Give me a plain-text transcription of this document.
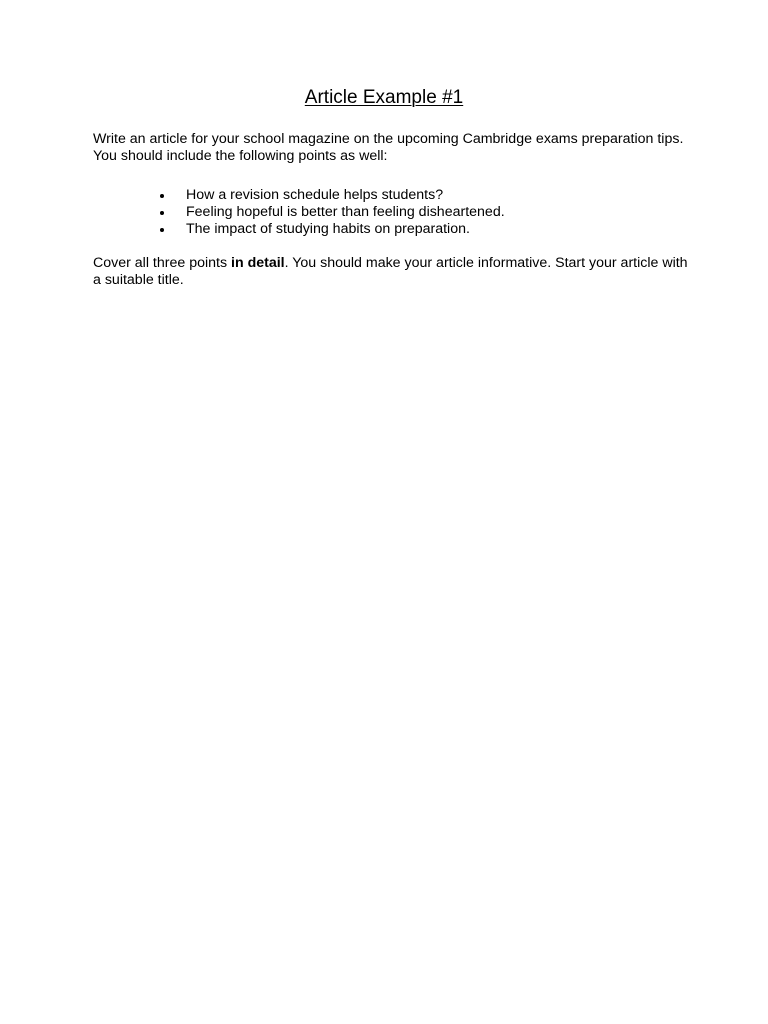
Article Example #1

Write an article for your school magazine on the upcoming Cambridge exams preparation tips. You should include the following points as well:

How a revision schedule helps students?
Feeling hopeful is better than feeling disheartened.
The impact of studying habits on preparation.

Cover all three points in detail. You should make your article informative. Start your article with a suitable title.
